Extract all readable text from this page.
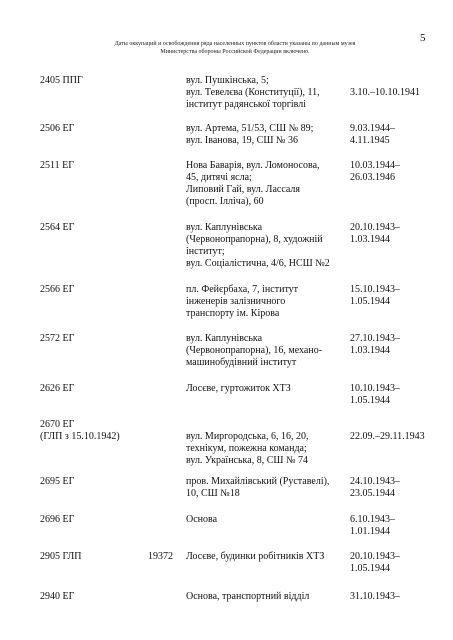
5
Даты оккупаций и освобождения ряда населенных пунктов области указаны по данным музея
Министерства обороны Российской Федерации включено.
2405 ППГ	вул. Пушкінська, 5;
вул. Тевелєва (Конституції), 11,
інститут радянської торгівлі

3.10.–10.10.1941
2506 ЕГ	вул. Артема, 51/53, СШ № 89;
вул. Іванова, 19, СШ № 36
9.03.1944–
4.11.1945
2511 ЕГ	Нова Баварія, вул. Ломоносова,
45, дитячі ясла;
Липовий Гай, вул. Лассаля
(просп. Ілліча), 60
10.03.1944–
26.03.1946
2564 ЕГ	вул. Каплунівська
(Червонопрапорна), 8, художній
інститут;
вул. Соціалістична, 4/6, НСШ №2
20.10.1943–
1.03.1944
2566 ЕГ	пл. Фейєрбаха, 7, інститут
інженерів залізничного
транспорту ім. Кірова
15.10.1943–
1.05.1944
2572 ЕГ	вул. Каплунівська
(Червонопрапорна), 16, механо-
машинобудівний інститут
27.10.1943–
1.03.1944
2626 ЕГ	Лосєве, гуртожиток ХТЗ	10.10.1943–
1.05.1944
2670 ЕГ
(ГЛП з 15.10.1942)
	вул. Миргородська, 6, 16, 20,
технікум, пожежна команда;
вул. Українська, 8, СШ № 74

22.09.–29.11.1943
2695 ЕГ	пров. Михайлівський (Руставелі),
10, СШ №18
24.10.1943–
23.05.1944
2696 ЕГ	Основа	6.10.1943–
1.01.1944
2905 ГЛП	19372	Лосєве, будинки робітників ХТЗ	20.10.1943–
1.05.1944
2940 ЕГ	Основа, транспортний відділ	31.10.1943–
